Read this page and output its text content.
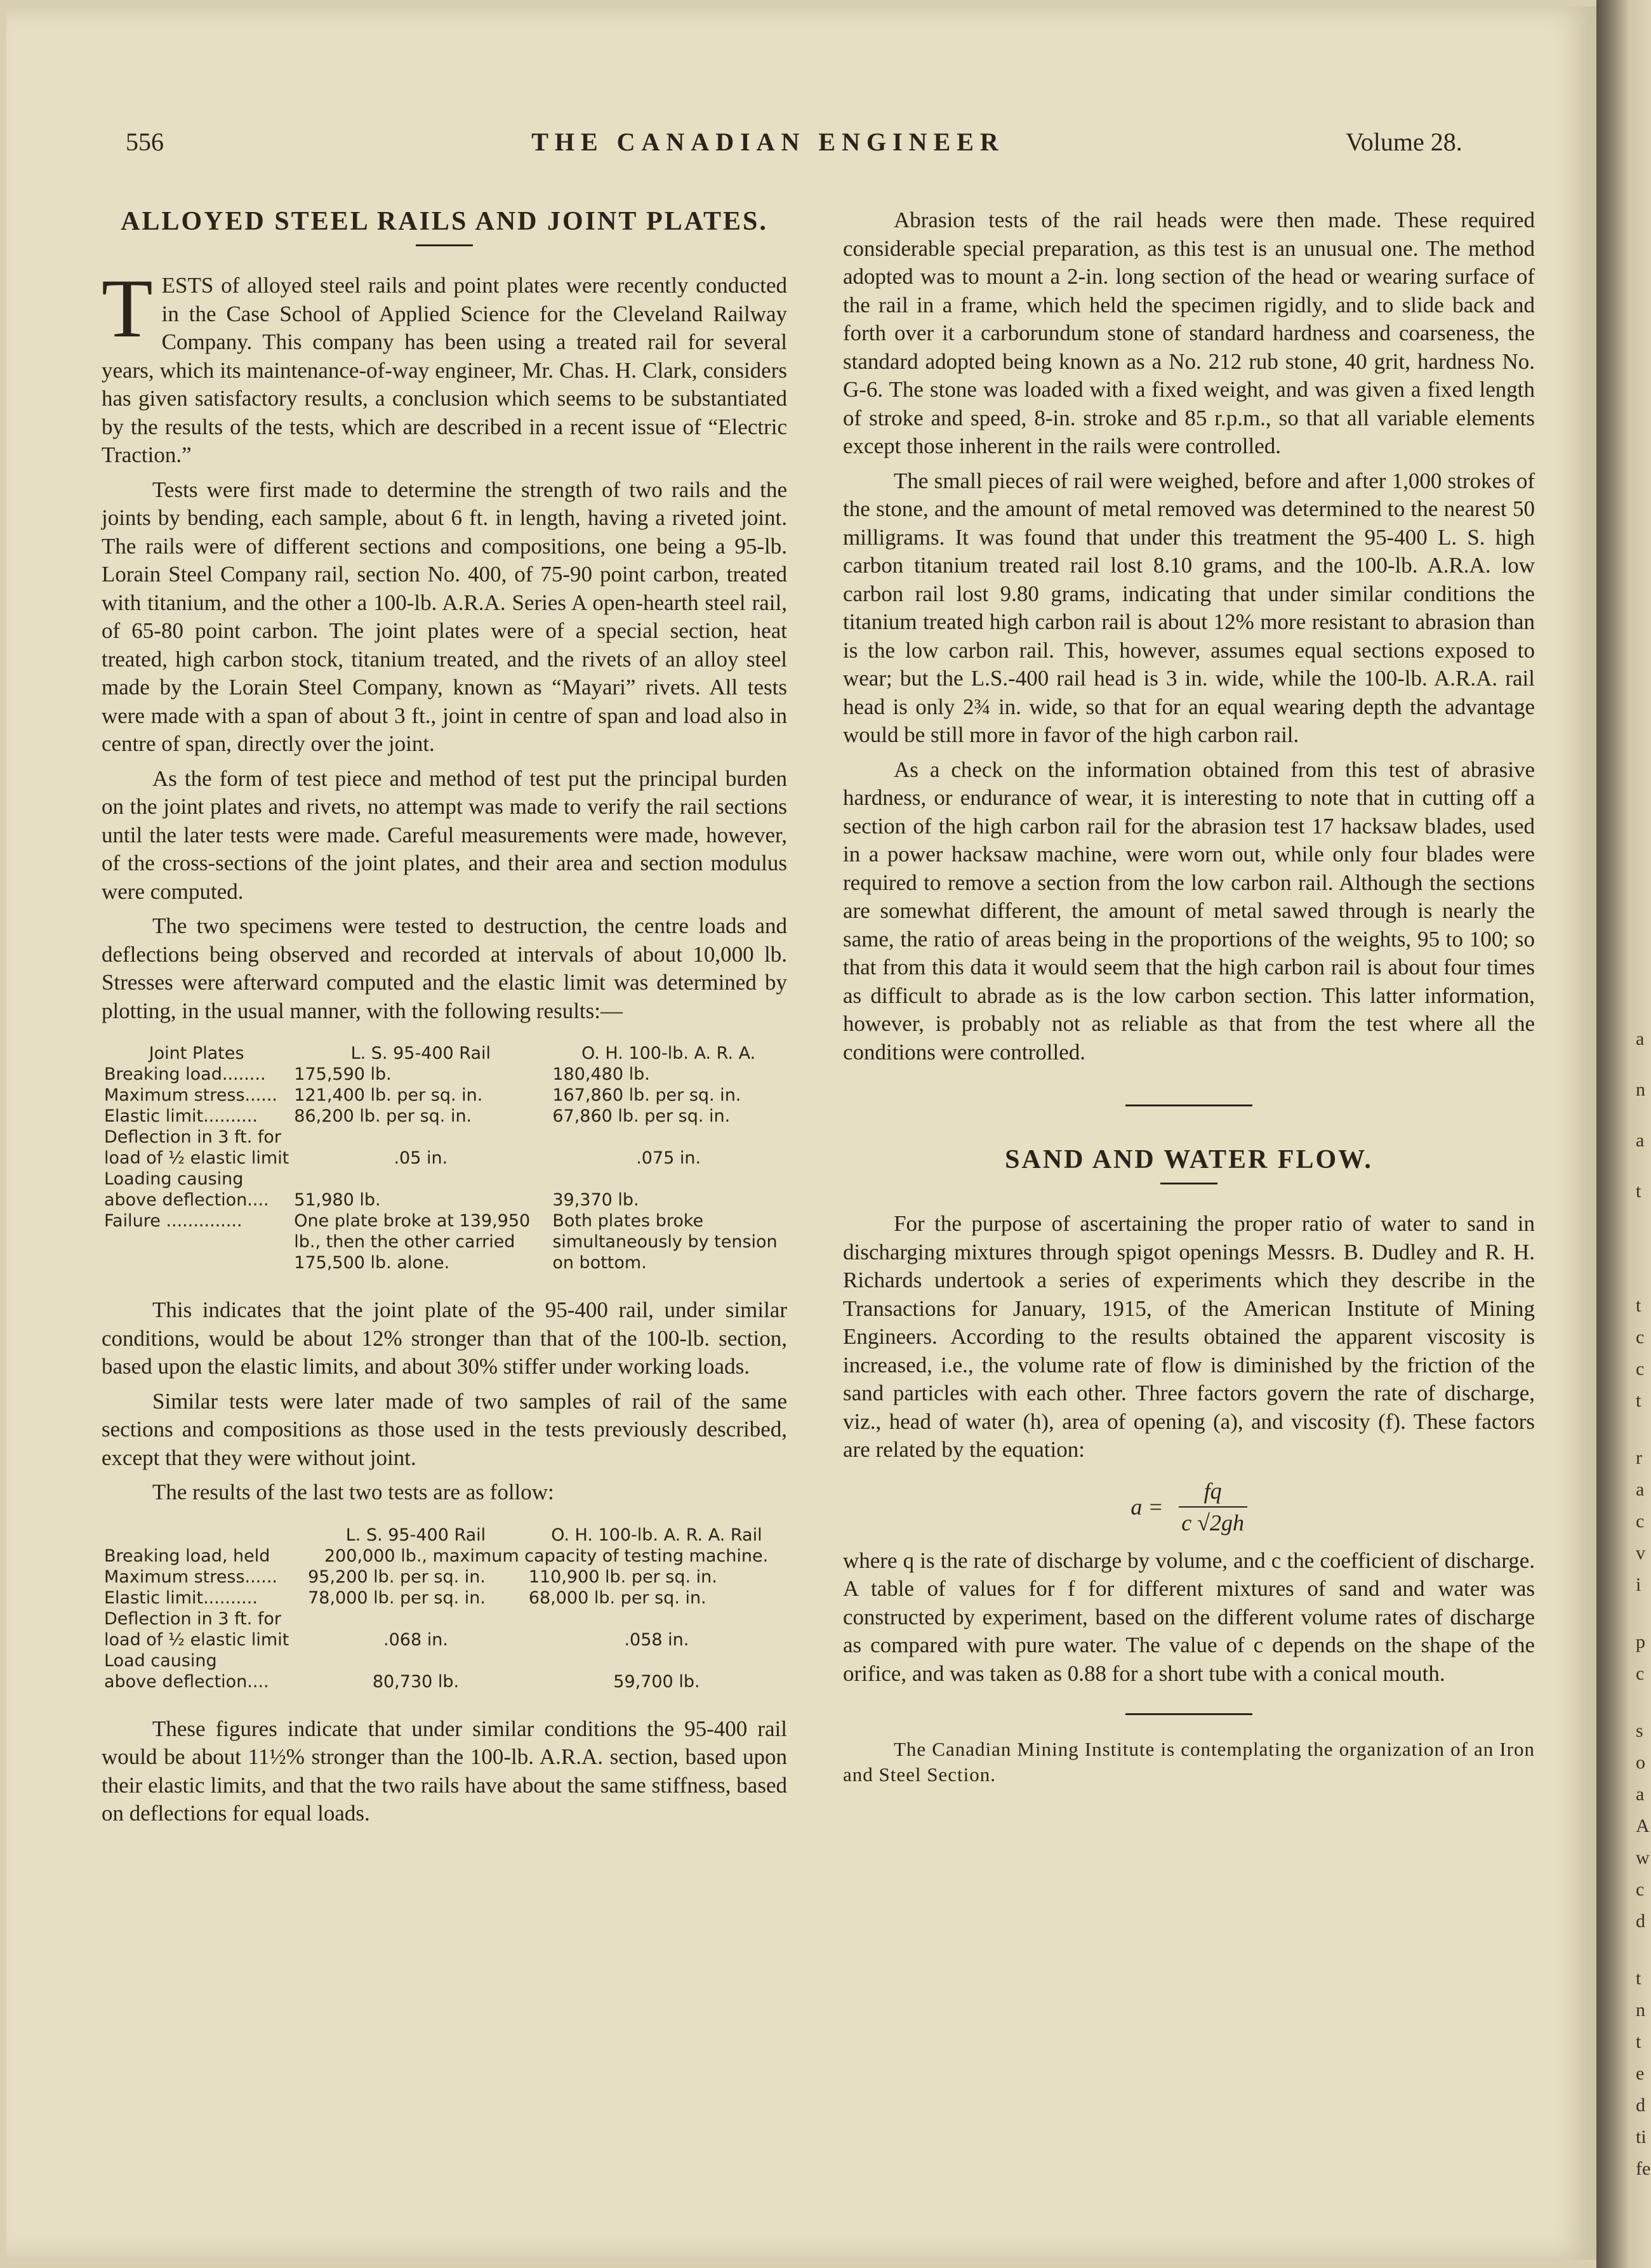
556	THE CANADIAN ENGINEER	Volume 28.
ALLOYED STEEL RAILS AND JOINT PLATES.

TESTS of alloyed steel rails and point plates were recently conducted in the Case School of Applied Science for the Cleveland Railway Company. This company has been using a treated rail for several years, which its maintenance-of-way engineer, Mr. Chas. H. Clark, considers has given satisfactory results, a conclusion which seems to be substantiated by the results of the tests, which are described in a recent issue of “Electric Traction.”

Tests were first made to determine the strength of two rails and the joints by bending, each sample, about 6 ft. in length, having a riveted joint. The rails were of different sections and compositions, one being a 95-lb. Lorain Steel Company rail, section No. 400, of 75-90 point carbon, treated with titanium, and the other a 100-lb. A.R.A. Series A open-hearth steel rail, of 65-80 point carbon. The joint plates were of a special section, heat treated, high carbon stock, titanium treated, and the rivets of an alloy steel made by the Lorain Steel Company, known as “Mayari” rivets. All tests were made with a span of about 3 ft., joint in centre of span and load also in centre of span, directly over the joint.

As the form of test piece and method of test put the principal burden on the joint plates and rivets, no attempt was made to verify the rail sections until the later tests were made. Careful measurements were made, however, of the cross-sections of the joint plates, and their area and section modulus were computed.

The two specimens were tested to destruction, the centre loads and deflections being observed and recorded at intervals of about 10,000 lb. Stresses were afterward computed and the elastic limit was determined by plotting, in the usual manner, with the following results:—

Joint Plates	L. S. 95-400 Rail	O. H. 100-lb. A. R. A.
Breaking load........	175,590 lb.	180,480 lb.
Maximum stress......	121,400 lb. per sq. in.	167,860 lb. per sq. in.
Elastic limit..........	86,200 lb. per sq. in.	67,860 lb. per sq. in.
Deflection in 3 ft. for		
load of ½ elastic limit	.05 in.	.075 in.
Loading causing		
above deflection....	51,980 lb.	39,370 lb.
Failure ..............	One plate broke at 139,950 lb., then the other carried 175,500 lb. alone.	Both plates broke simultaneously by tension on bottom.

This indicates that the joint plate of the 95-400 rail, under similar conditions, would be about 12% stronger than that of the 100-lb. section, based upon the elastic limits, and about 30% stiffer under working loads.

Similar tests were later made of two samples of rail of the same sections and compositions as those used in the tests previously described, except that they were without joint.

The results of the last two tests are as follow:

	L. S. 95-400 Rail	O. H. 100-lb. A. R. A. Rail
Breaking load, held	200,000 lb., maximum capacity of testing machine.	
Maximum stress......	95,200 lb. per sq. in.	110,900 lb. per sq. in.
Elastic limit..........	78,000 lb. per sq. in.	68,000 lb. per sq. in.
Deflection in 3 ft. for		
load of ½ elastic limit	.068 in.	.058 in.
Load causing		
above deflection....	80,730 lb.	59,700 lb.

These figures indicate that under similar conditions the 95-400 rail would be about 11½% stronger than the 100-lb. A.R.A. section, based upon their elastic limits, and that the two rails have about the same stiffness, based on deflections for equal loads.

Abrasion tests of the rail heads were then made. These required considerable special preparation, as this test is an unusual one. The method adopted was to mount a 2-in. long section of the head or wearing surface of the rail in a frame, which held the specimen rigidly, and to slide back and forth over it a carborundum stone of standard hardness and coarseness, the standard adopted being known as a No. 212 rub stone, 40 grit, hardness No. G-6. The stone was loaded with a fixed weight, and was given a fixed length of stroke and speed, 8-in. stroke and 85 r.p.m., so that all variable elements except those inherent in the rails were controlled.

The small pieces of rail were weighed, before and after 1,000 strokes of the stone, and the amount of metal removed was determined to the nearest 50 milligrams. It was found that under this treatment the 95-400 L. S. high carbon titanium treated rail lost 8.10 grams, and the 100-lb. A.R.A. low carbon rail lost 9.80 grams, indicating that under similar conditions the titanium treated high carbon rail is about 12% more resistant to abrasion than is the low carbon rail. This, however, assumes equal sections exposed to wear; but the L.S.-400 rail head is 3 in. wide, while the 100-lb. A.R.A. rail head is only 2¾ in. wide, so that for an equal wearing depth the advantage would be still more in favor of the high carbon rail.

As a check on the information obtained from this test of abrasive hardness, or endurance of wear, it is interesting to note that in cutting off a section of the high carbon rail for the abrasion test 17 hacksaw blades, used in a power hacksaw machine, were worn out, while only four blades were required to remove a section from the low carbon rail. Although the sections are somewhat different, the amount of metal sawed through is nearly the same, the ratio of areas being in the proportions of the weights, 95 to 100; so that from this data it would seem that the high carbon rail is about four times as difficult to abrade as is the low carbon section. This latter information, however, is probably not as reliable as that from the test where all the conditions were controlled.

SAND AND WATER FLOW.

For the purpose of ascertaining the proper ratio of water to sand in discharging mixtures through spigot openings Messrs. B. Dudley and R. H. Richards undertook a series of experiments which they describe in the Transactions for January, 1915, of the American Institute of Mining Engineers. According to the results obtained the apparent viscosity is increased, i.e., the volume rate of flow is diminished by the friction of the sand particles with each other. Three factors govern the rate of discharge, viz., head of water (h), area of opening (a), and viscosity (f). These factors are related by the equation:

$a = \frac{fq}{c √2gh}$

where q is the rate of discharge by volume, and c the coefficient of discharge. A table of values for f for different mixtures of sand and water was constructed by experiment, based on the different volume rates of discharge as compared with pure water. The value of c depends on the shape of the orifice, and was taken as 0.88 for a short tube with a conical mouth.

The Canadian Mining Institute is contemplating the organization of an Iron and Steel Section.
a
n
a
t
t
c
c
t
r
a
c
v
i
p
c
s
o
a
A
w
c
d
t
n
t
e
d
ti
fe
